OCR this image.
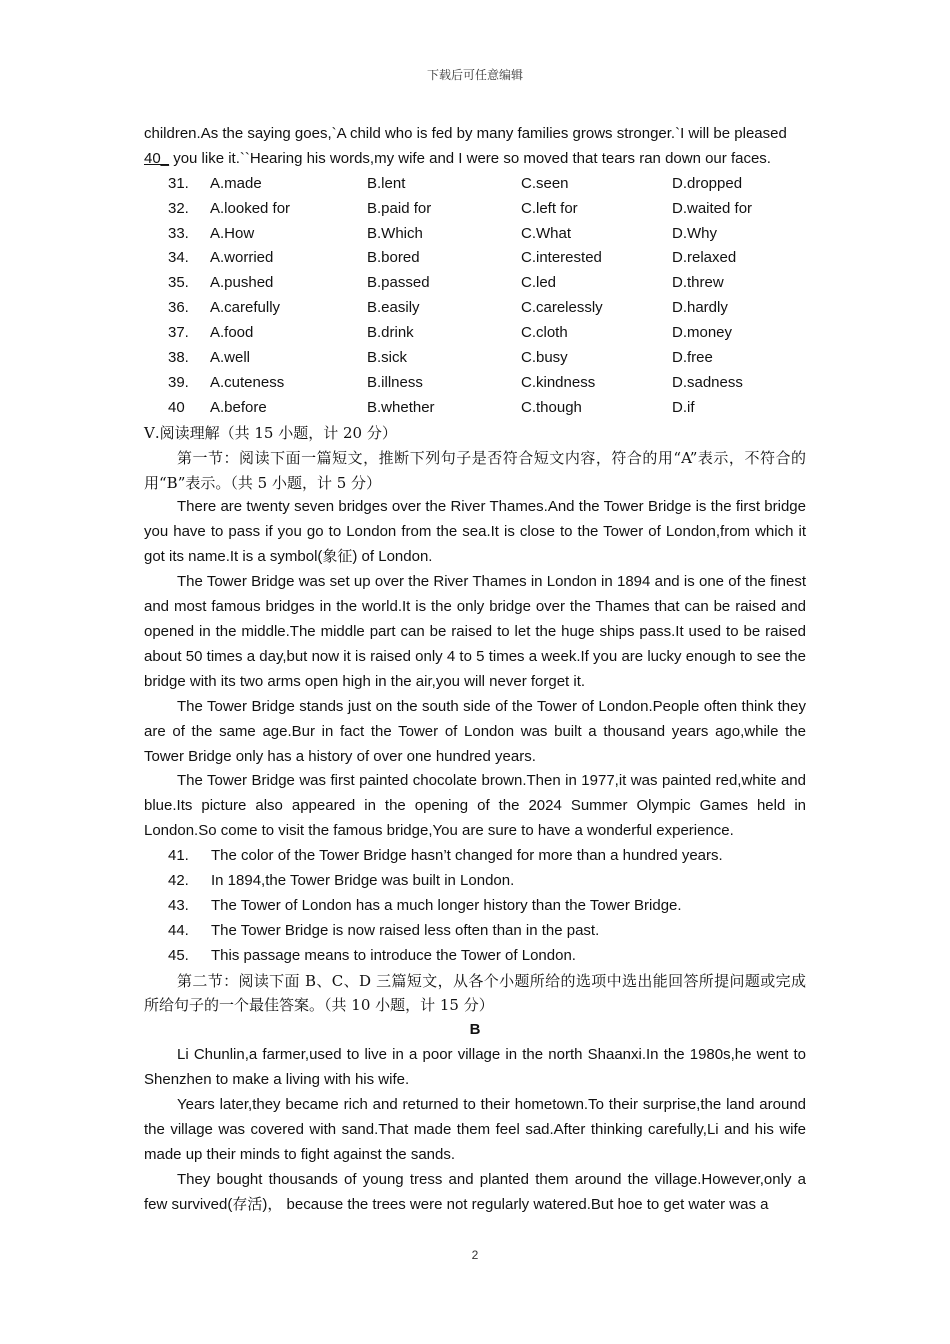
下载后可任意编辑

children.As the saying goes,`A child who is fed by many families grows stronger.`I will be pleased

40_ you like it.``Hearing his words,my wife and I were so moved that tears ran down our faces.

31.	A.made	B.lent	C.seen	D.dropped
32.	A.looked for	B.paid for	C.left for	D.waited for
33.	A.How	B.Which	C.What	D.Why
34.	A.worried	B.bored	C.interested	D.relaxed
35.	A.pushed	B.passed	C.led	D.threw
36.	A.carefully	B.easily	C.carelessly	D.hardly
37.	A.food	B.drink	C.cloth	D.money
38.	A.well	B.sick	C.busy	D.free
39.	A.cuteness	B.illness	C.kindness	D.sadness
40	A.before	B.whether	C.though	D.if

Ⅴ.阅读理解（共 15 小题，计 20 分）

第一节：阅读下面一篇短文，推断下列句子是否符合短文内容，符合的用“A”表示，不符合的用“B”表示。（共 5 小题，计 5 分）

There are twenty seven bridges over the River Thames.And the Tower Bridge is the first bridge you have to pass if you go to London from the sea.It is close to the Tower of London,from which it got its name.It is a symbol(象征) of London.

The Tower Bridge was set up over the River Thames in London in 1894 and is one of the finest and most famous bridges in the world.It is the only bridge over the Thames that can be raised and opened in the middle.The middle part can be raised to let the huge ships pass.It used to be raised about 50 times a day,but now it is raised only 4 to 5 times a week.If you are lucky enough to see the bridge with its two arms open high in the air,you will never forget it.

The Tower Bridge stands just on the south side of the Tower of London.People often think they are of the same age.Bur in fact the Tower of London was built a thousand years ago,while the Tower Bridge only has a history of over one hundred years.

The Tower Bridge was first painted chocolate brown.Then in 1977,it was painted red,white and blue.Its picture also appeared in the opening of the 2024 Summer Olympic Games held in London.So come to visit the famous bridge,You are sure to have a wonderful experience.

41.	The color of the Tower Bridge hasn’t changed for more than a hundred years.
42.	In 1894,the Tower Bridge was built in London.
43.	The Tower of London has a much longer history than the Tower Bridge.
44.	The Tower Bridge is now raised less often than in the past.
45.	This passage means to introduce the Tower of London.

第二节：阅读下面 B、C、D 三篇短文，从各个小题所给的选项中选出能回答所提问题或完成所给句子的一个最佳答案。（共 10 小题，计 15 分）

B

Li Chunlin,a farmer,used to live in a poor village in the north Shaanxi.In the 1980s,he went to Shenzhen to make a living with his wife.

Years later,they became rich and returned to their hometown.To their surprise,the land around the village was covered with sand.That made them feel sad.After thinking carefully,Li and his wife made up their minds to fight against the sands.

They bought thousands of young tress and planted them around the village.However,only a few survived(存活)， because the trees were not regularly watered.But hoe to get water was a

2
